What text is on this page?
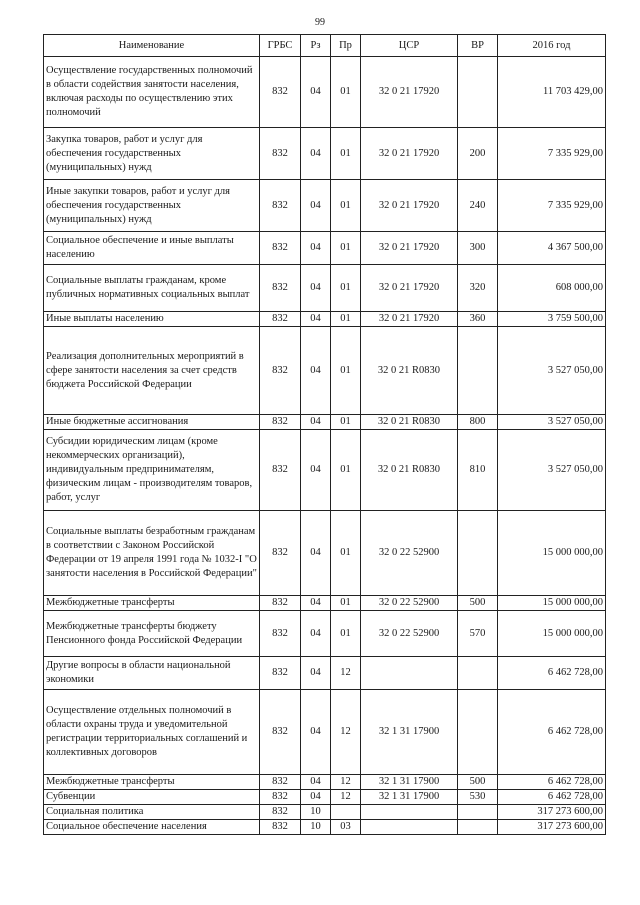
99
Наименование	ГРБС	Рз	Пр	ЦСР	ВР	2016 год
Осуществление государственных полномочий в области содействия занятости населения, включая расходы по осуществлению этих полномочий	832	04	01	32 0 21 17920		11 703 429,00
Закупка товаров, работ и услуг для обеспечения государственных (муниципальных) нужд	832	04	01	32 0 21 17920	200	7 335 929,00
Иные закупки товаров, работ и услуг для обеспечения государственных (муниципальных) нужд	832	04	01	32 0 21 17920	240	7 335 929,00
Социальное обеспечение и иные выплаты населению	832	04	01	32 0 21 17920	300	4 367 500,00
Социальные выплаты гражданам, кроме публичных нормативных социальных выплат	832	04	01	32 0 21 17920	320	608 000,00
Иные выплаты населению	832	04	01	32 0 21 17920	360	3 759 500,00
Реализация дополнительных мероприятий в сфере занятости населения за счет средств бюджета Российской Федерации	832	04	01	32 0 21 R0830		3 527 050,00
Иные бюджетные ассигнования	832	04	01	32 0 21 R0830	800	3 527 050,00
Субсидии юридическим лицам (кроме некоммерческих организаций), индивидуальным предпринимателям, физическим лицам - производителям товаров, работ, услуг	832	04	01	32 0 21 R0830	810	3 527 050,00
Социальные выплаты безработным гражданам в соответствии с Законом Российской Федерации от 19 апреля 1991 года № 1032-I "О занятости населения в Российской Федерации"	832	04	01	32 0 22 52900		15 000 000,00
Межбюджетные трансферты	832	04	01	32 0 22 52900	500	15 000 000,00
Межбюджетные трансферты бюджету Пенсионного фонда Российской Федерации	832	04	01	32 0 22 52900	570	15 000 000,00
Другие вопросы в области национальной экономики	832	04	12			6 462 728,00
Осуществление отдельных полномочий в области охраны труда и уведомительной регистрации территориальных соглашений и коллективных договоров	832	04	12	32 1 31 17900		6 462 728,00
Межбюджетные трансферты	832	04	12	32 1 31 17900	500	6 462 728,00
Субвенции	832	04	12	32 1 31 17900	530	6 462 728,00
Социальная политика	832	10				317 273 600,00
Социальное обеспечение населения	832	10	03			317 273 600,00
